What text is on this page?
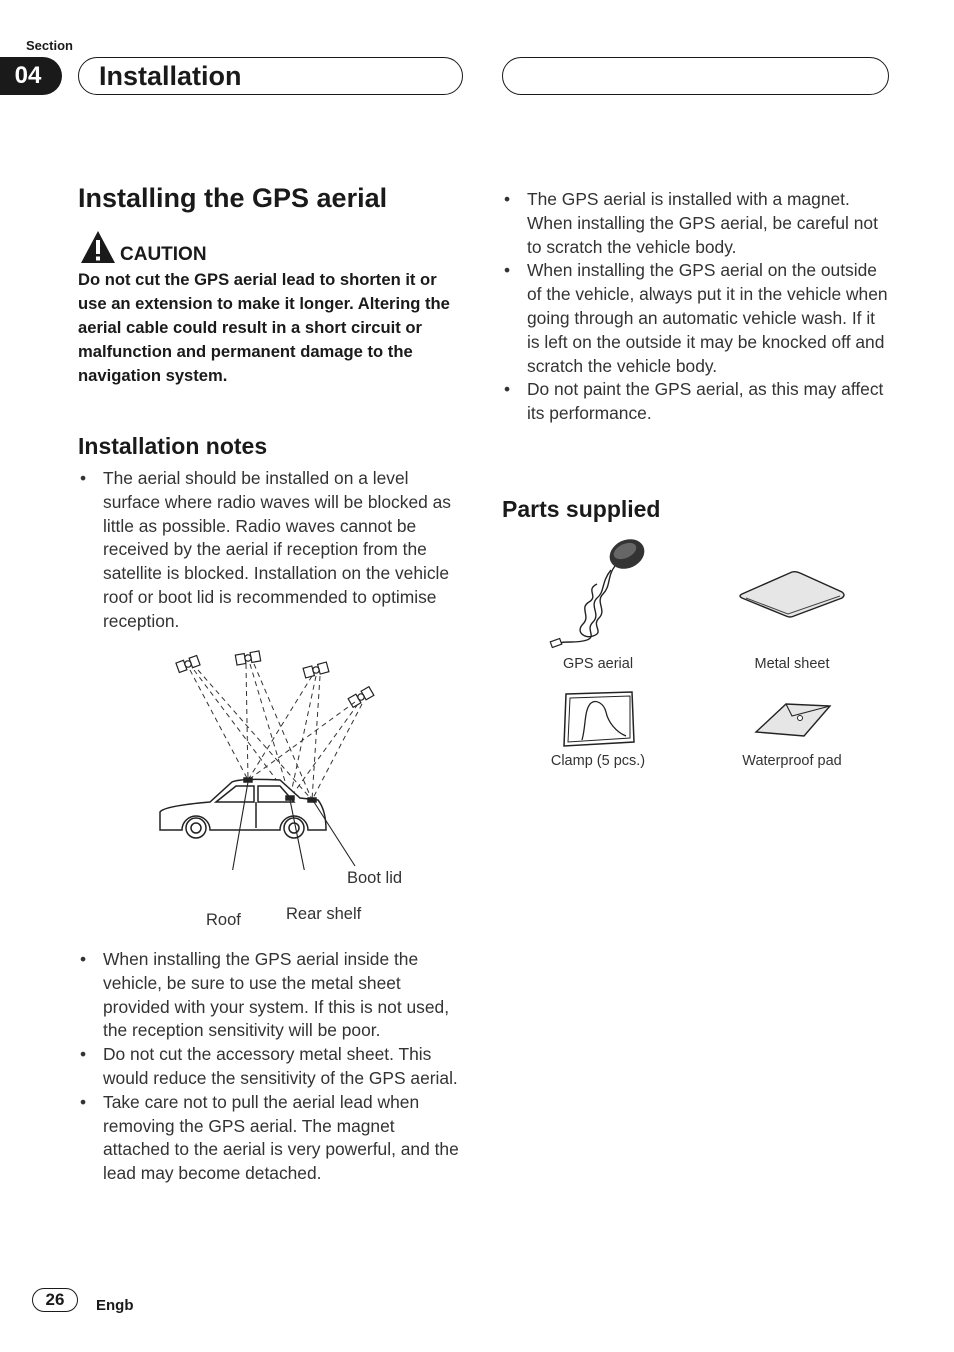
Section
04	Installation
Installing the GPS aerial
CAUTION
Do not cut the GPS aerial lead to shorten it or use an extension to make it longer. Altering the aerial cable could result in a short circuit or malfunction and permanent damage to the navigation system.
Installation notes
• The aerial should be installed on a level surface where radio waves will be blocked as little as possible. Radio waves cannot be received by the aerial if reception from the satellite is blocked. Installation on the vehicle roof or boot lid is recommended to optimise reception.
Boot lid
Roof	Rear shelf
• When installing the GPS aerial inside the vehicle, be sure to use the metal sheet provided with your system. If this is not used, the reception sensitivity will be poor.
• Do not cut the accessory metal sheet. This would reduce the sensitivity of the GPS aerial.
• Take care not to pull the aerial lead when removing the GPS aerial. The magnet attached to the aerial is very powerful, and the lead may become detached.
• The GPS aerial is installed with a magnet. When installing the GPS aerial, be careful not to scratch the vehicle body.
• When installing the GPS aerial on the outside of the vehicle, always put it in the vehicle when going through an automatic vehicle wash. If it is left on the outside it may be knocked off and scratch the vehicle body.
• Do not paint the GPS aerial, as this may affect its performance.
Parts supplied
GPS aerial	Metal sheet
Clamp (5 pcs.)	Waterproof pad
26	Engb
